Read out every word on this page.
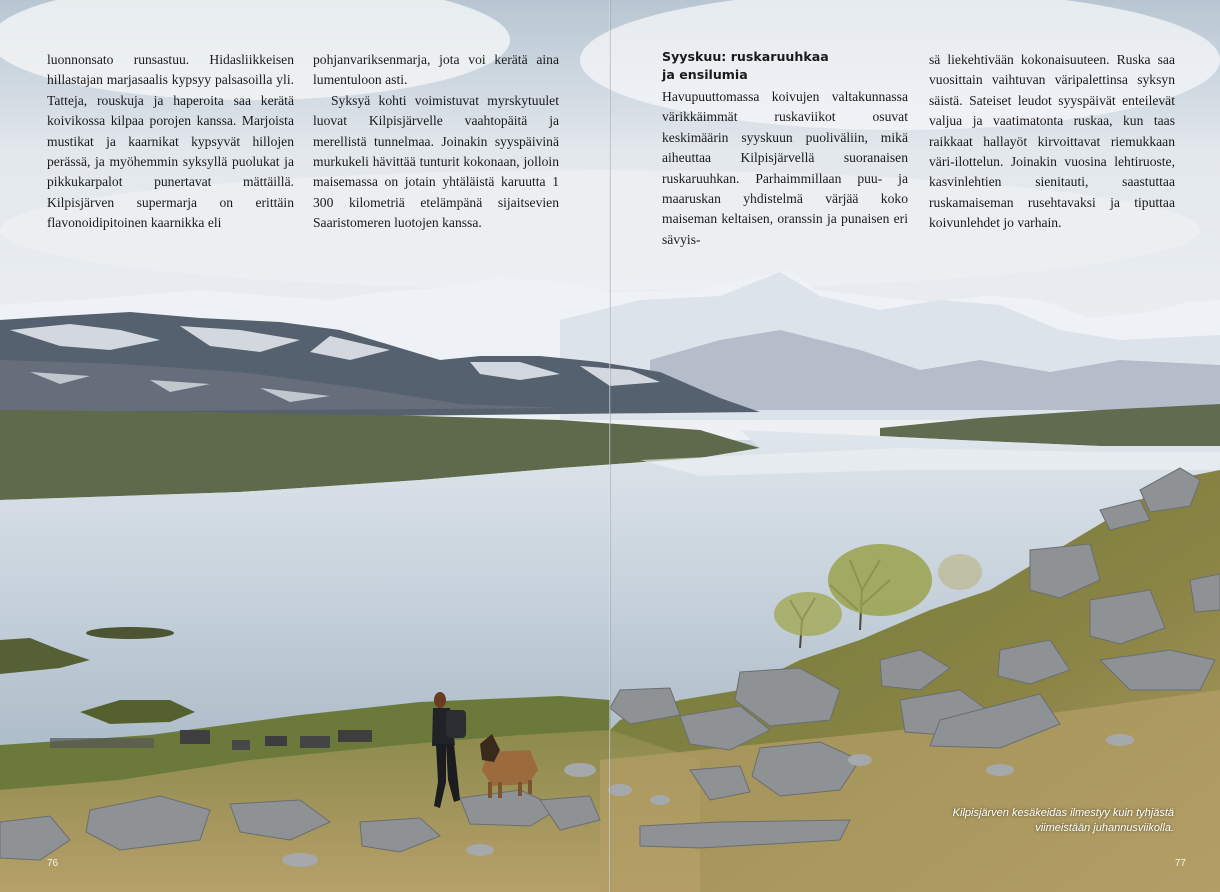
luonnonsato runsastuu. Hidasliikkeisen hillastajan marjasaalis kypsyy palsasoilla yli. Tatteja, rouskuja ja haperoita saa kerätä koivikossa kilpaa porojen kanssa. Marjoista mustikat ja kaarnikat kypsyvät hillojen perässä, ja myöhemmin syksyllä puolukat ja pikkukarpalot punertavat mättäillä. Kilpisjärven supermarja on erittäin flavonoidipitoinen kaarnikka eli

pohjanvariksenmarja, jota voi kerätä aina lumentuloon asti.

Syksyä kohti voimistuvat myrskytuulet luovat Kilpisjärvelle vaahtopäitä ja merellistä tunnelmaa. Joinakin syyspäivinä murkukeli hävittää tunturit kokonaan, jolloin maisemassa on jotain yhtäläistä karuutta 1 300 kilometriä etelämpänä sijaitsevien Saaristomeren luotojen kanssa.

Syyskuu: ruskaruuhkaa
ja ensilumia

Havupuuttomassa koivujen valtakunnassa värikkäimmät ruskaviikot osuvat keskimäärin syyskuun puoliväliin, mikä aiheuttaa Kilpisjärvellä suoranaisen ruskaruuhkan. Parhaimmillaan puu- ja maaruskan yhdistelmä värjää koko maiseman keltaisen, oranssin ja punaisen eri sävyis-

sä liekehtivään kokonaisuuteen. Ruska saa vuosittain vaihtuvan väripalettinsa syksyn säistä. Sateiset leudot syyspäivät enteilevät valjua ja vaatimatonta ruskaa, kun taas raikkaat hallayöt kirvoittavat riemukkaan väri-ilottelun. Joinakin vuosina lehtiruoste, kasvinlehtien sienitauti, saastuttaa ruskamaiseman rusehtavaksi ja tiputtaa koivunlehdet jo varhain.

Kilpisjärven kesäkeidas ilmestyy kuin tyhjästä viimeistään juhannusviikolla.
76	77
